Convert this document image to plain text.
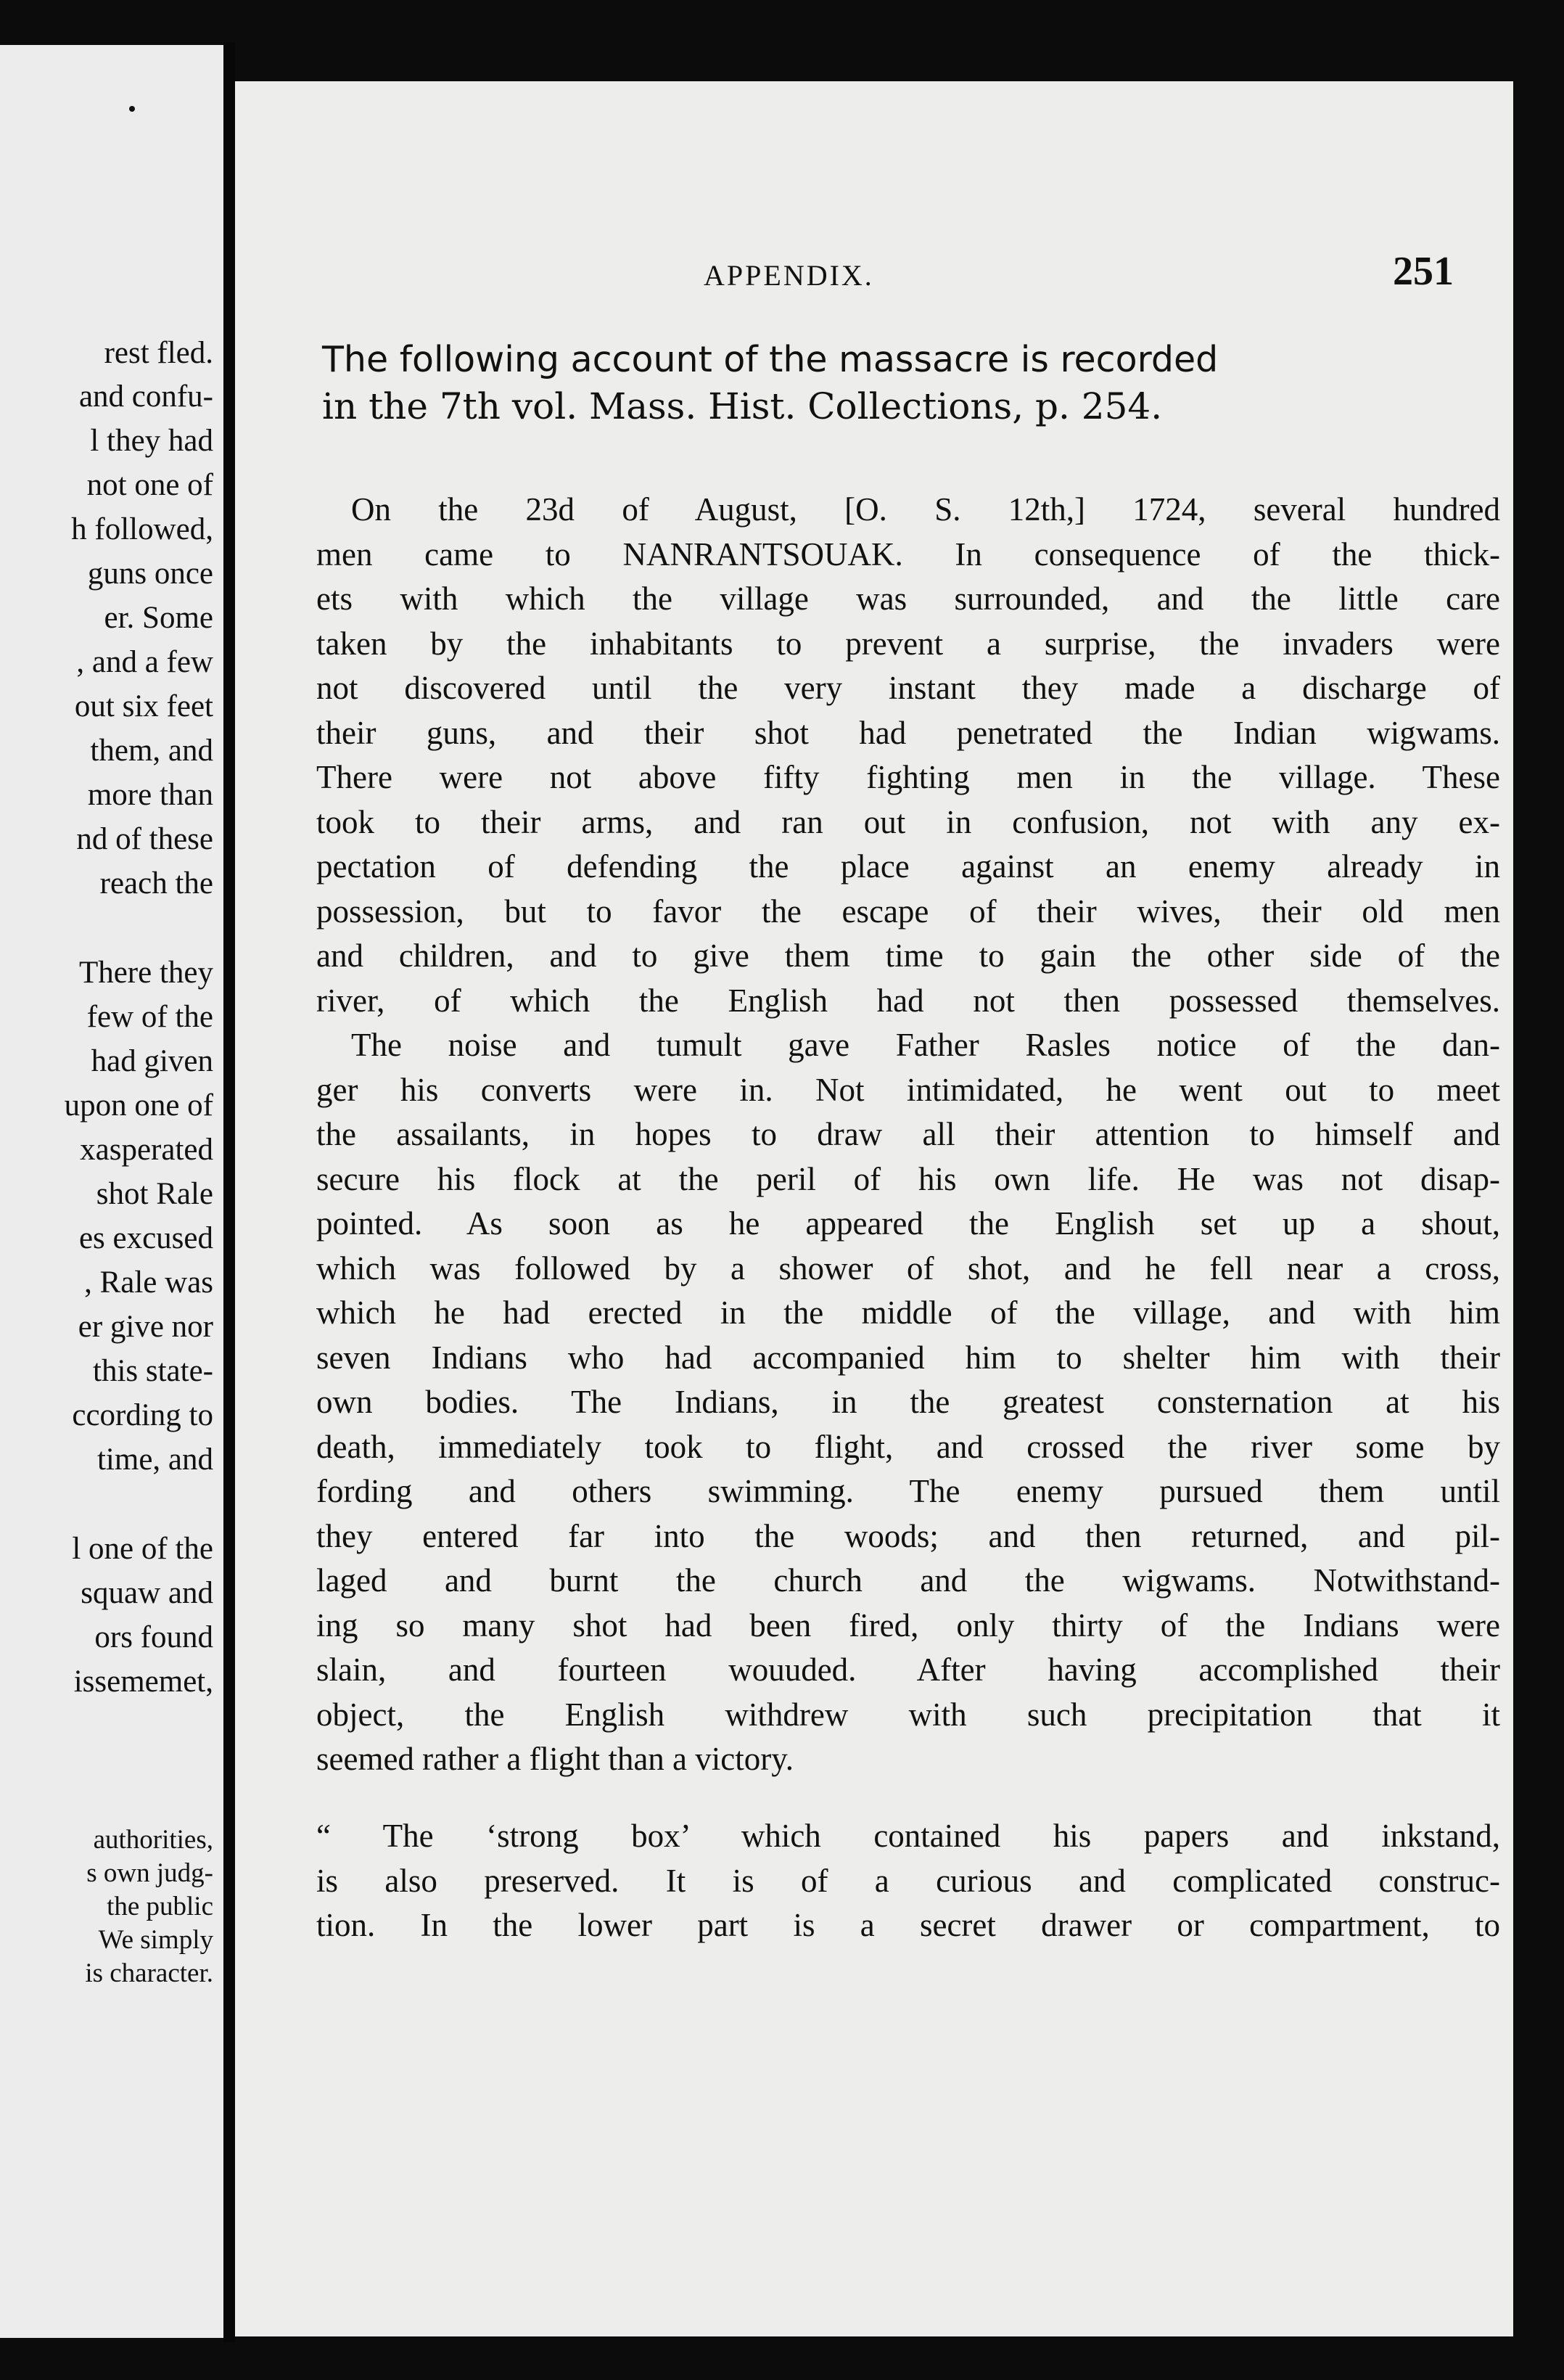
rest fled.
and confu-
l they had
not one of
h followed,
guns once
er. Some
, and a few
out six feet
them, and
more than
nd of these
reach the
There they
few of the
had given
upon one of
xasperated
shot Rale
es excused
, Rale was
er give nor
this state-
ccording to
time, and
l one of the
squaw and
ors found
issememet,
authorities,
s own judg-
the public
We simply
is character.
APPENDIX.	251
The following account of the massacre is recorded
in the 7th vol. Mass. Hist. Collections, p. 254.

On the 23d of August, [O. S. 12th,] 1724, several hundred
men came to NANRANTSOUAK. In consequence of the thick-
ets with which the village was surrounded, and the little care
taken by the inhabitants to prevent a surprise, the invaders were
not discovered until the very instant they made a discharge of
their guns, and their shot had penetrated the Indian wigwams.
There were not above fifty fighting men in the village. These
took to their arms, and ran out in confusion, not with any ex-
pectation of defending the place against an enemy already in
possession, but to favor the escape of their wives, their old men
and children, and to give them time to gain the other side of the
river, of which the English had not then possessed themselves.

The noise and tumult gave Father Rasles notice of the dan-
ger his converts were in. Not intimidated, he went out to meet
the assailants, in hopes to draw all their attention to himself and
secure his flock at the peril of his own life. He was not disap-
pointed. As soon as he appeared the English set up a shout,
which was followed by a shower of shot, and he fell near a cross,
which he had erected in the middle of the village, and with him
seven Indians who had accompanied him to shelter him with their
own bodies. The Indians, in the greatest consternation at his
death, immediately took to flight, and crossed the river some by
fording and others swimming. The enemy pursued them until
they entered far into the woods; and then returned, and pil-
laged and burnt the church and the wigwams. Notwithstand-
ing so many shot had been fired, only thirty of the Indians were
slain, and fourteen wouuded. After having accomplished their
object, the English withdrew with such precipitation that it
seemed rather a flight than a victory.

“ The ‘strong box’ which contained his papers and inkstand,
is also preserved. It is of a curious and complicated construc-
tion. In the lower part is a secret drawer or compartment, to
